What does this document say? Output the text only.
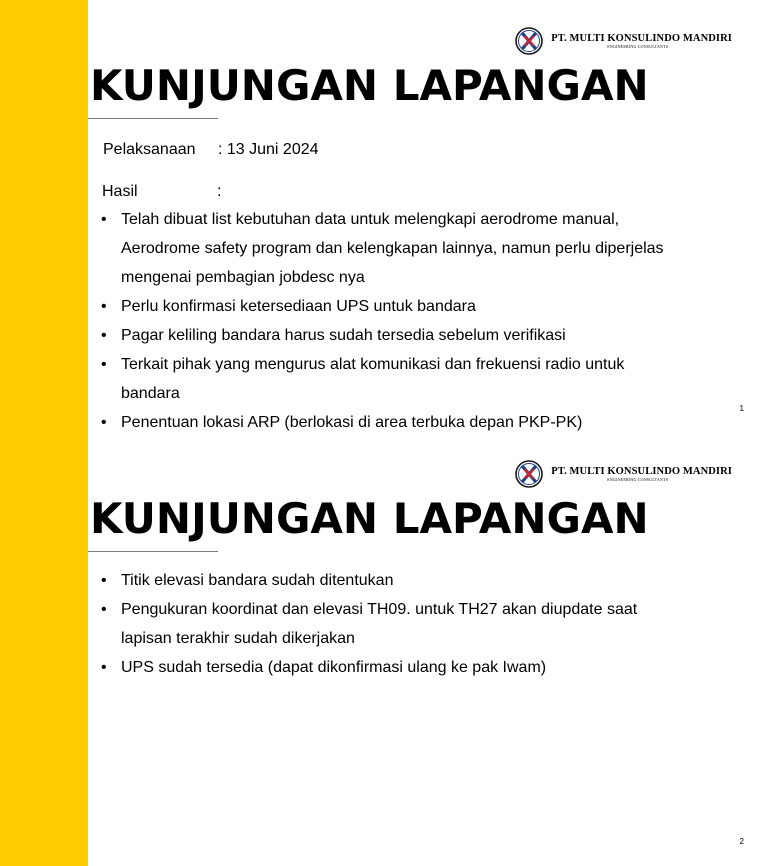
PT. MULTI KONSULINDO MANDIRI
ENGINEERING CONSULTANTS
KUNJUNGAN LAPANGAN
Pelaksanaan : 13 Juni 2024
Hasil	:
• Telah dibuat list kebutuhan data untuk melengkapi aerodrome manual, Aerodrome safety program dan kelengkapan lainnya, namun perlu diperjelas mengenai pembagian jobdesc nya
• Perlu konfirmasi ketersediaan UPS untuk bandara
• Pagar keliling bandara harus sudah tersedia sebelum verifikasi
• Terkait pihak yang mengurus alat komunikasi dan frekuensi radio untuk bandara
• Penentuan lokasi ARP (berlokasi di area terbuka depan PKP-PK)
1
PT. MULTI KONSULINDO MANDIRI
ENGINEERING CONSULTANTS
KUNJUNGAN LAPANGAN
• Titik elevasi bandara sudah ditentukan
• Pengukuran koordinat dan elevasi TH09. untuk TH27 akan diupdate saat lapisan terakhir sudah dikerjakan
• UPS sudah tersedia (dapat dikonfirmasi ulang ke pak Iwam)
2
